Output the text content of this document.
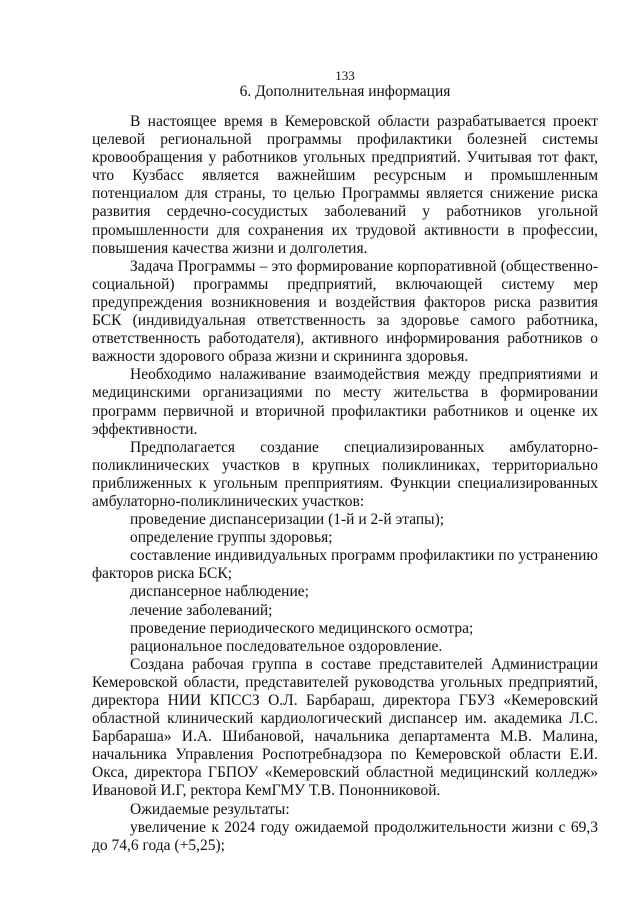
133
6. Дополнительная информация

В настоящее время в Кемеровской области разрабатывается проект целевой региональной программы профилактики болезней системы кровообращения у работников угольных предприятий. Учитывая тот факт, что Кузбасс является важнейшим ресурсным и промышленным потенциалом для страны, то целью Программы является снижение риска развития сердечно-сосудистых заболеваний у работников угольной промышленности для сохранения их трудовой активности в профессии, повышения качества жизни и долголетия.

Задача Программы – это формирование корпоративной (общественно-социальной) программы предприятий, включающей систему мер предупреждения возникновения и воздействия факторов риска развития БСК (индивидуальная ответственность за здоровье самого работника, ответственность работодателя), активного информирования работников о важности здорового образа жизни и скрининга здоровья.

Необходимо налаживание взаимодействия между предприятиями и медицинскими организациями по месту жительства в формировании программ первичной и вторичной профилактики работников и оценке их эффективности.

Предполагается создание специализированных амбулаторно-поликлинических участков в крупных поликлиниках, территориально приближенных к угольным препприятиям. Функции специализированных амбулаторно-поликлинических участков:

проведение диспансеризации (1-й и 2-й этапы);

определение группы здоровья;

составление индивидуальных программ профилактики по устранению факторов риска БСК;

диспансерное наблюдение;

лечение заболеваний;

проведение периодического медицинского осмотра;

рациональное последовательное оздоровление.

Создана рабочая группа в составе представителей Администрации Кемеровской области, представителей руководства угольных предприятий, директора НИИ КПССЗ О.Л. Барбараш, директора ГБУЗ «Кемеровский областной клинический кардиологический диспансер им. академика Л.С. Барбараша» И.А. Шибановой, начальника департамента М.В. Малина, начальника Управления Роспотребнадзора по Кемеровской области Е.И. Окса, директора ГБПОУ «Кемеровский областной медицинский колледж» Ивановой И.Г, ректора КемГМУ Т.В. Пононниковой.

Ожидаемые результаты:

увеличение к 2024 году ожидаемой продолжительности жизни с 69,3 до 74,6 года (+5,25);
